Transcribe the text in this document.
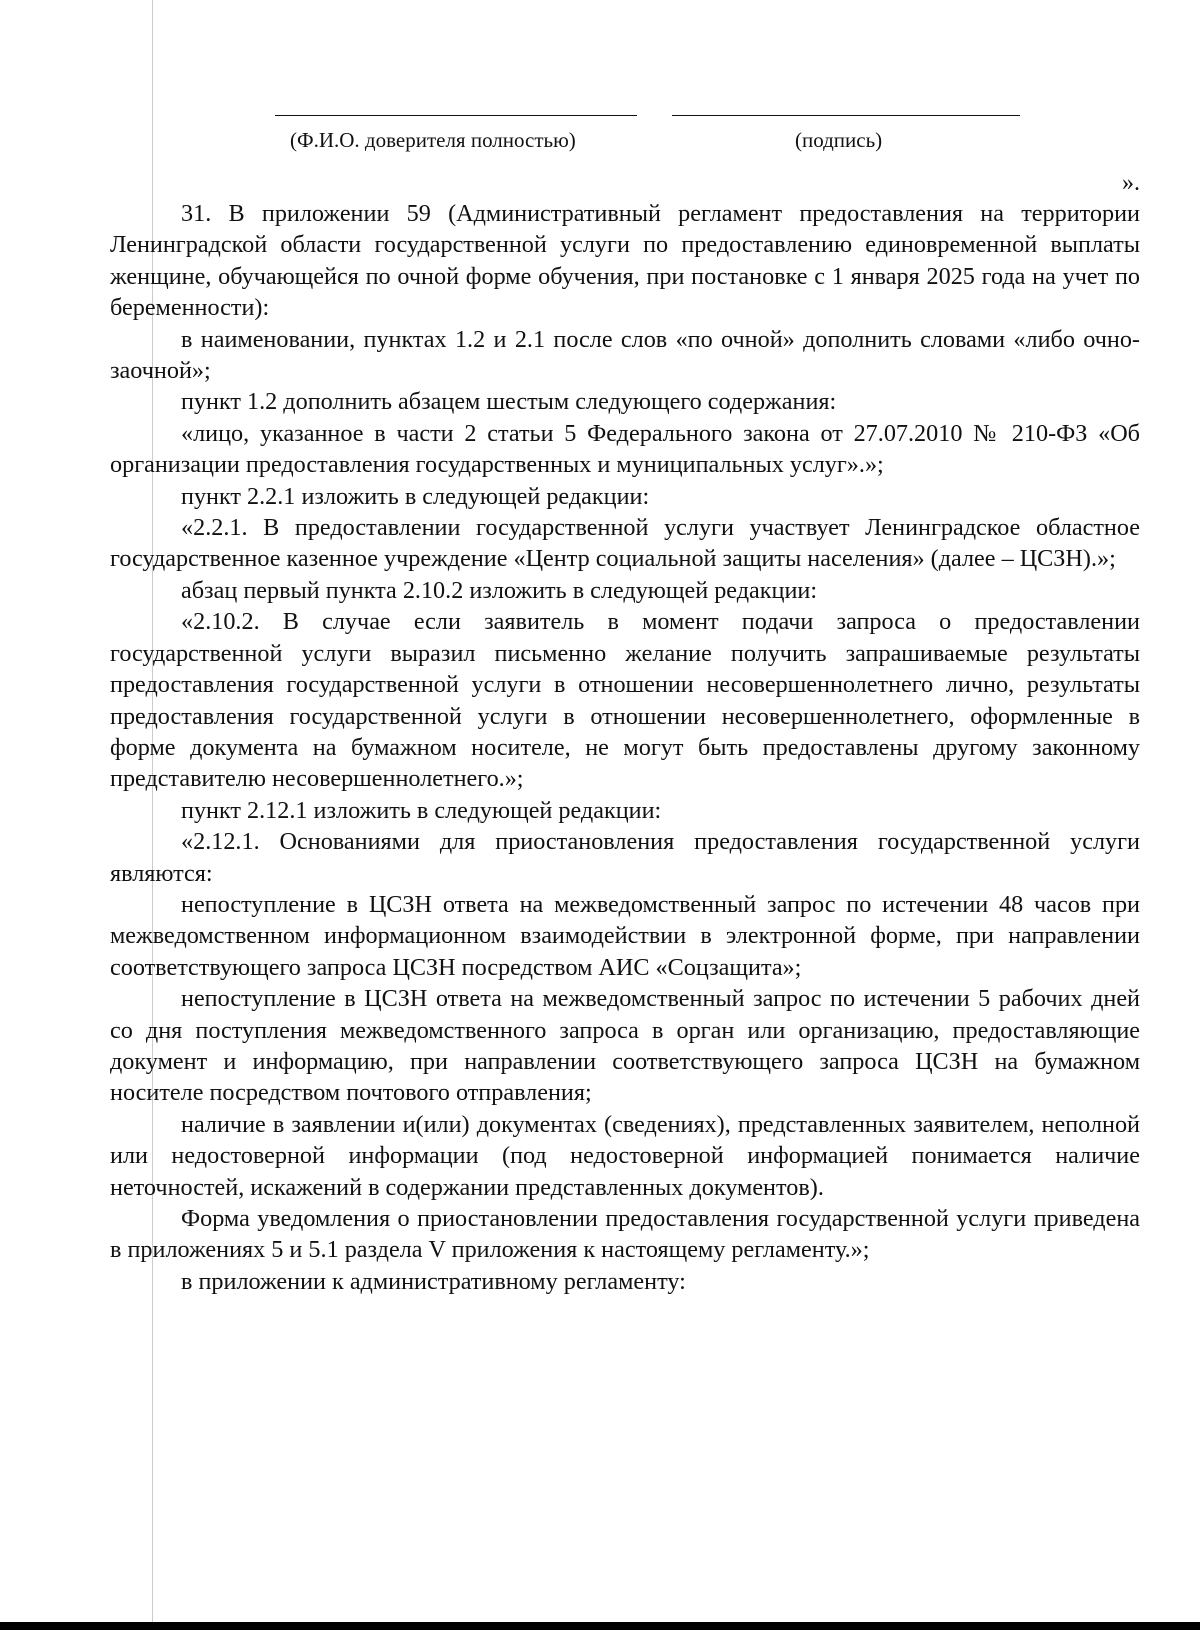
(Ф.И.О. доверителя полностью)	(подпись)
».

31. В приложении 59 (Административный регламент предоставления на территории Ленинградской области государственной услуги по предоставлению единовременной выплаты женщине, обучающейся по очной форме обучения, при постановке с 1 января 2025 года на учет по беременности):

в наименовании, пунктах 1.2 и 2.1 после слов «по очной» дополнить словами «либо очно-заочной»;

пункт 1.2 дополнить абзацем шестым следующего содержания:

«лицо, указанное в части 2 статьи 5 Федерального закона от 27.07.2010 № 210-ФЗ «Об организации предоставления государственных и муниципальных услуг».»;

пункт 2.2.1 изложить в следующей редакции:

«2.2.1. В предоставлении государственной услуги участвует Ленинградское областное государственное казенное учреждение «Центр социальной защиты населения» (далее – ЦСЗН).»;

абзац первый пункта 2.10.2 изложить в следующей редакции:

«2.10.2. В случае если заявитель в момент подачи запроса о предоставлении государственной услуги выразил письменно желание получить запрашиваемые результаты предоставления государственной услуги в отношении несовершеннолетнего лично, результаты предоставления государственной услуги в отношении несовершеннолетнего, оформленные в форме документа на бумажном носителе, не могут быть предоставлены другому законному представителю несовершеннолетнего.»;

пункт 2.12.1 изложить в следующей редакции:

«2.12.1. Основаниями для приостановления предоставления государственной услуги являются:

непоступление в ЦСЗН ответа на межведомственный запрос по истечении 48 часов при межведомственном информационном взаимодействии в электронной форме, при направлении соответствующего запроса ЦСЗН посредством АИС «Соцзащита»;

непоступление в ЦСЗН ответа на межведомственный запрос по истечении 5 рабочих дней со дня поступления межведомственного запроса в орган или организацию, предоставляющие документ и информацию, при направлении соответствующего запроса ЦСЗН на бумажном носителе посредством почтового отправления;

наличие в заявлении и(или) документах (сведениях), представленных заявителем, неполной или недостоверной информации (под недостоверной информацией понимается наличие неточностей, искажений в содержании представленных документов).

Форма уведомления о приостановлении предоставления государственной услуги приведена в приложениях 5 и 5.1 раздела V приложения к настоящему регламенту.»;

в приложении к административному регламенту:
